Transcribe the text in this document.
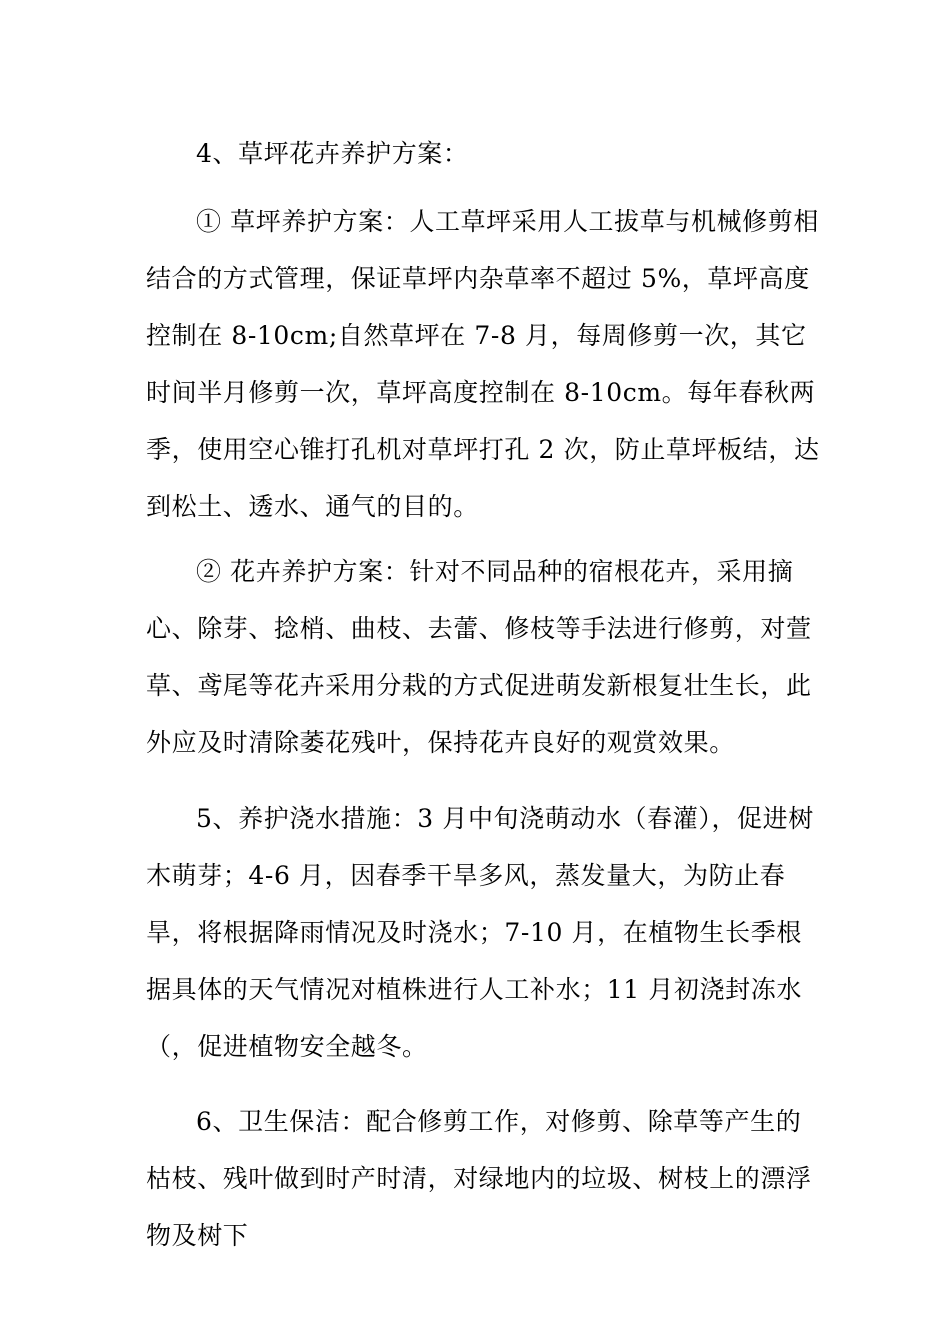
4、草坪花卉养护方案：

① 草坪养护方案：人工草坪采用人工拔草与机械修剪相结合的方式管理，保证草坪内杂草率不超过 5%，草坪高度控制在 8-10cm;自然草坪在 7-8 月，每周修剪一次，其它时间半月修剪一次，草坪高度控制在 8-10cm。每年春秋两季，使用空心锥打孔机对草坪打孔 2 次，防止草坪板结，达到松土、透水、通气的目的。

② 花卉养护方案：针对不同品种的宿根花卉，采用摘心、除芽、捻梢、曲枝、去蕾、修枝等手法进行修剪，对萱草、鸢尾等花卉采用分栽的方式促进萌发新根复壮生长，此外应及时清除萎花残叶，保持花卉良好的观赏效果。

5、养护浇水措施：3 月中旬浇萌动水（春灌），促进树木萌芽；4-6 月，因春季干旱多风，蒸发量大，为防止春旱，将根据降雨情况及时浇水；7-10 月，在植物生长季根据具体的天气情况对植株进行人工补水；11 月初浇封冻水（，促进植物安全越冬。

6、卫生保洁：配合修剪工作，对修剪、除草等产生的枯枝、残叶做到时产时清，对绿地内的垃圾、树枝上的漂浮物及树下
